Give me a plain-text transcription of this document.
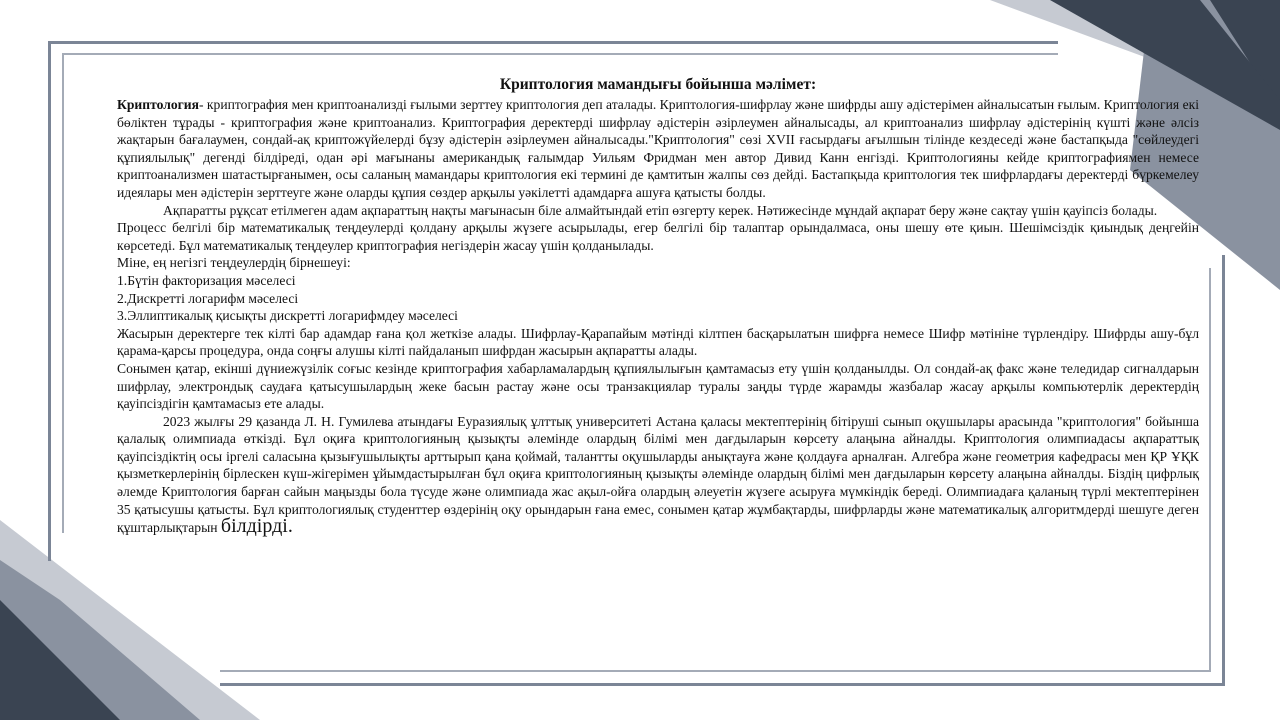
Криптология мамандығы бойынша мәлімет:

Криптология- криптография мен криптоанализді ғылыми зерттеу криптология деп аталады. Криптология-шифрлау және шифрды ашу әдістерімен айналысатын ғылым. Криптология екі бөліктен тұрады - криптография және криптоанализ. Криптография деректерді шифрлау әдістерін әзірлеумен айналысады, ал криптоанализ шифрлау әдістерінің күшті және әлсіз жақтарын бағалаумен, сондай-ақ криптожүйелерді бұзу әдістерін әзірлеумен айналысады."Криптология" сөзі XVII ғасырдағы ағылшын тілінде кездеседі және бастапқыда "сөйлеудегі құпиялылық" дегенді білдіреді, одан әрі мағынаны американдық ғалымдар Уильям Фридман мен автор Дивид Канн енгізді. Криптологияны кейде криптографиямен немесе криптоанализмен шатастырғанымен, осы саланың мамандары криптология екі термині де қамтитын жалпы сөз дейді. Бастапқыда криптология тек шифрлардағы деректерді бүркемелеу идеялары мен әдістерін зерттеуге және оларды құпия сөздер арқылы уәкілетті адамдарға ашуға қатысты болды.

Ақпаратты рұқсат етілмеген адам ақпараттың нақты мағынасын біле алмайтындай етіп өзгерту керек. Нәтижесінде мұндай ақпарат беру және сақтау үшін қауіпсіз болады.

Процесс белгілі бір математикалық теңдеулерді қолдану арқылы жүзеге асырылады, егер белгілі бір талаптар орындалмаса, оны шешу өте қиын. Шешімсіздік қиындық деңгейін көрсетеді. Бұл математикалық теңдеулер криптография негіздерін жасау үшін қолданылады.

Міне, ең негізгі теңдеулердің бірнешеуі:

1.Бүтін факторизация мәселесі

2.Дискретті логарифм мәселесі

3.Эллиптикалық қисықты дискретті логарифмдеу мәселесі

Жасырын деректерге тек кілті бар адамдар ғана қол жеткізе алады. Шифрлау-Қарапайым мәтінді кілтпен басқарылатын шифрға немесе Шифр мәтініне түрлендіру. Шифрды ашу-бұл қарама-қарсы процедура, онда соңғы алушы кілті пайдаланып шифрдан жасырын ақпаратты алады.

Сонымен қатар, екінші дүниежүзілік соғыс кезінде криптография хабарламалардың құпиялылығын қамтамасыз ету үшін қолданылды. Ол сондай-ақ факс және теледидар сигналдарын шифрлау, электрондық саудаға қатысушылардың жеке басын растау және осы транзакциялар туралы заңды түрде жарамды жазбалар жасау арқылы компьютерлік деректердің қауіпсіздігін қамтамасыз ете алады.

2023 жылғы 29 қазанда Л. Н. Гумилева атындағы Еуразиялық ұлттық университеті Астана қаласы мектептерінің бітіруші сынып оқушылары арасында "криптология" бойынша қалалық олимпиада өткізді. Бұл оқиға криптологияның қызықты әлемінде олардың білімі мен дағдыларын көрсету алаңына айналды. Криптология олимпиадасы ақпараттық қауіпсіздіктің осы іргелі саласына қызығушылықты арттырып қана қоймай, талантты оқушыларды анықтауға және қолдауға арналған. Алгебра және геометрия кафедрасы мен ҚР ҰҚК қызметкерлерінің бірлескен күш-жігерімен ұйымдастырылған бұл оқиға криптологияның қызықты әлемінде олардың білімі мен дағдыларын көрсету алаңына айналды. Біздің цифрлық әлемде Криптология барған сайын маңызды бола түсуде және олимпиада жас ақыл-ойға олардың әлеуетін жүзеге асыруға мүмкіндік береді. Олимпиадаға қаланың түрлі мектептерінен 35 қатысушы қатысты. Бұл криптологиялық студенттер өздерінің оқу орындарын ғана емес, сонымен қатар жұмбақтарды, шифрларды және математикалық алгоритмдерді шешуге деген құштарлықтарын білдірді.
